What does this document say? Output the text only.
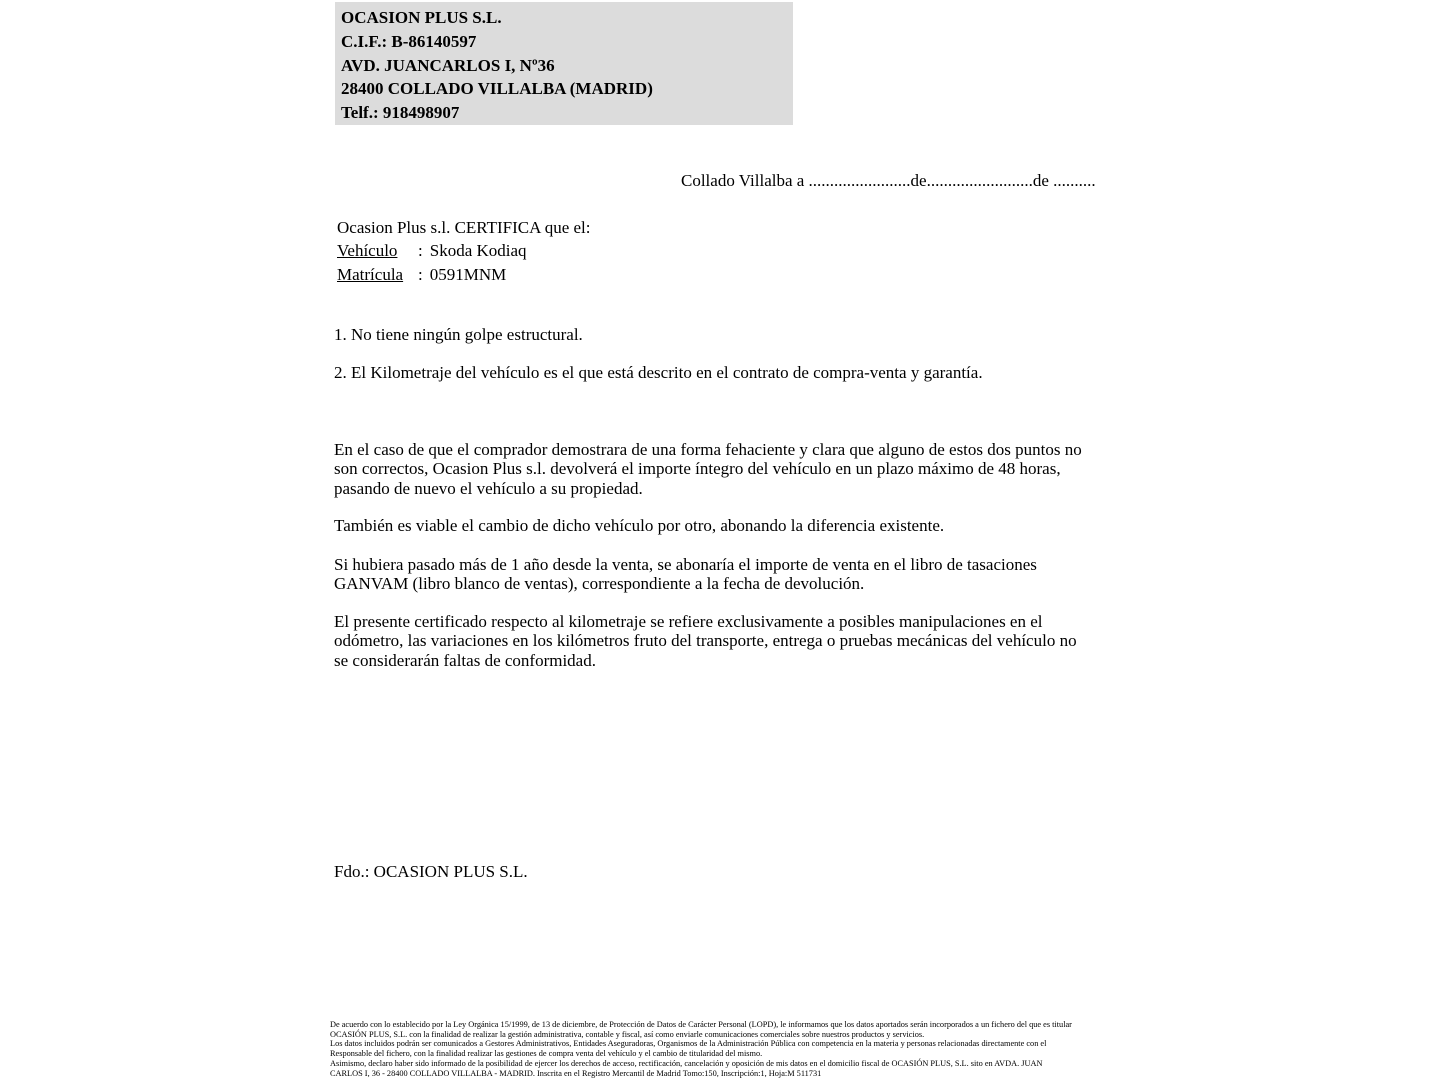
OCASION PLUS S.L.
C.I.F.: B-86140597
AVD. JUANCARLOS I, Nº36
28400 COLLADO VILLALBA (MADRID)
Telf.: 918498907
Collado Villalba a ........................de.........................de ..........
Ocasion Plus s.l. CERTIFICA que el:
Vehículo	: Skoda Kodiaq
Matrícula : 0591MNM
1. No tiene ningún golpe estructural.
2. El Kilometraje del vehículo es el que está descrito en el contrato de compra-venta y garantía.
En el caso de que el comprador demostrara de una forma fehaciente y clara que alguno de estos dos puntos no
son correctos, Ocasion Plus s.l. devolverá el importe íntegro del vehículo en un plazo máximo de 48 horas,
pasando de nuevo el vehículo a su propiedad.
También es viable el cambio de dicho vehículo por otro, abonando la diferencia existente.
Si hubiera pasado más de 1 año desde la venta, se abonaría el importe de venta en el libro de tasaciones
GANVAM (libro blanco de ventas), correspondiente a la fecha de devolución.
El presente certificado respecto al kilometraje se refiere exclusivamente a posibles manipulaciones en el
odómetro, las variaciones en los kilómetros fruto del transporte, entrega o pruebas mecánicas del vehículo no
se considerarán faltas de conformidad.
Fdo.: OCASION PLUS S.L.
De acuerdo con lo establecido por la Ley Orgánica 15/1999, de 13 de diciembre, de Protección de Datos de Carácter Personal (LOPD), le informamos que los datos aportados serán incorporados a un fichero del que es titular
OCASIÓN PLUS, S.L. con la finalidad de realizar la gestión administrativa, contable y fiscal, así como enviarle comunicaciones comerciales sobre nuestros productos y servicios.
Los datos incluidos podrán ser comunicados a Gestores Administrativos, Entidades Aseguradoras, Organismos de la Administración Pública con competencia en la materia y personas relacionadas directamente con el
Responsable del fichero, con la finalidad realizar las gestiones de compra venta del vehículo y el cambio de titularidad del mismo.
Asimismo, declaro haber sido informado de la posibilidad de ejercer los derechos de acceso, rectificación, cancelación y oposición de mis datos en el domicilio fiscal de OCASIÓN PLUS, S.L. sito en AVDA. JUAN
CARLOS I, 36 - 28400 COLLADO VILLALBA - MADRID. Inscrita en el Registro Mercantil de Madrid Tomo:150, Inscripción:1, Hoja:M 511731
